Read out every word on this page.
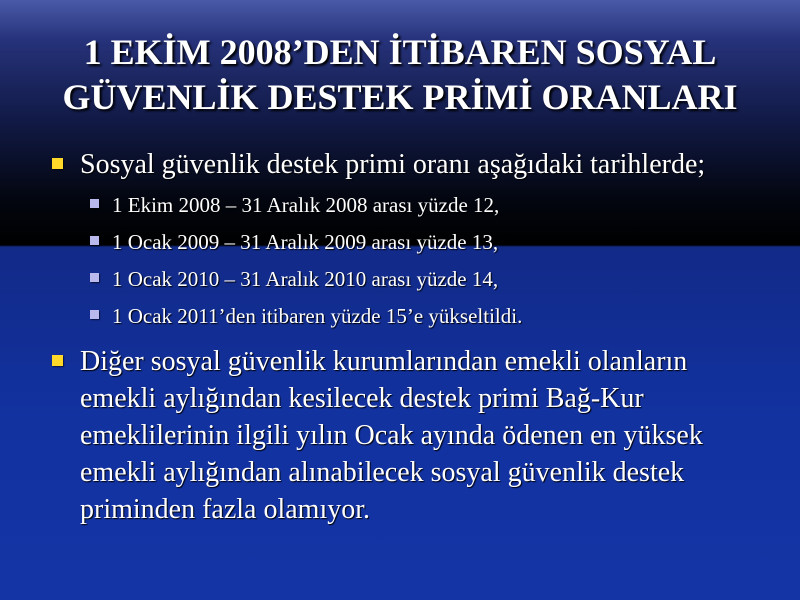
1 EKİM 2008’DEN İTİBAREN SOSYAL
GÜVENLİK DESTEK PRİMİ ORANLARI
Sosyal güvenlik destek primi oranı aşağıdaki tarihlerde;
1 Ekim 2008 – 31 Aralık 2008 arası yüzde 12,
1 Ocak 2009 – 31 Aralık 2009 arası yüzde 13,
1 Ocak 2010 – 31 Aralık 2010 arası yüzde 14,
1 Ocak 2011’den itibaren yüzde 15’e yükseltildi.
Diğer sosyal güvenlik kurumlarından emekli olanların emekli aylığından kesilecek destek primi Bağ-Kur emeklilerinin ilgili yılın Ocak ayında ödenen en yüksek emekli aylığından alınabilecek sosyal güvenlik destek priminden fazla olamıyor.
